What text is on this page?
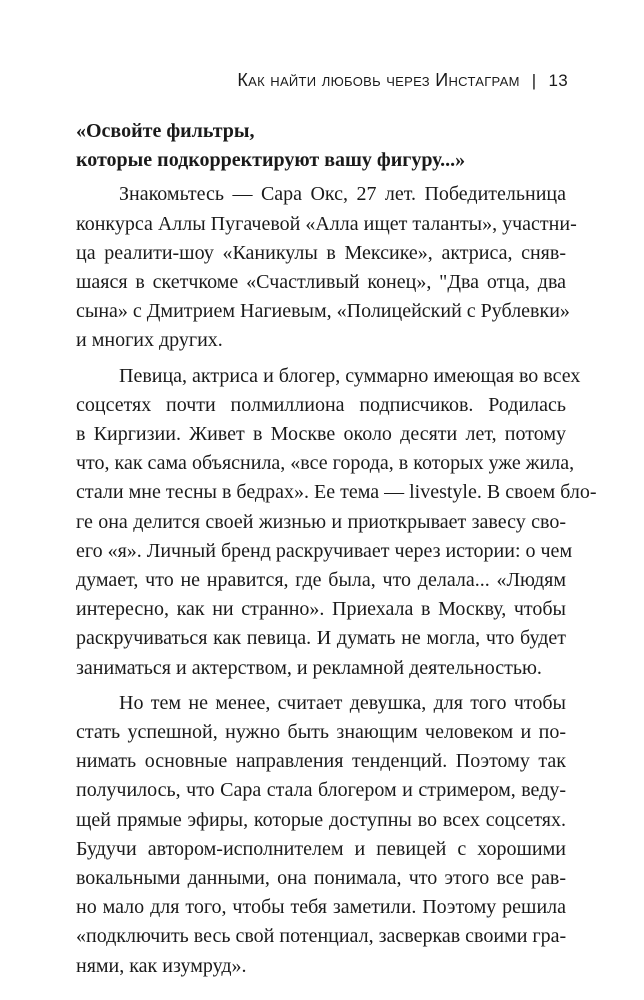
Как найти любовь через Инстаграм | 13
«Освойте фильтры,
которые подкорректируют вашу фигуру...»
Знакомьтесь — Сара Окс, 27 лет. Победительница
конкурса Аллы Пугачевой «Алла ищет таланты», участни-
ца реалити-шоу «Каникулы в Мексике», актриса, сняв-
шаяся в скетчкоме «Счастливый конец», "Два отца, два
сына» с Дмитрием Нагиевым, «Полицейский с Рублевки»
и многих других.
Певица, актриса и блогер, суммарно имеющая во всех
соцсетях почти полмиллиона подписчиков. Родилась
в Киргизии. Живет в Москве около десяти лет, потому
что, как сама объяснила, «все города, в которых уже жила,
стали мне тесны в бедрах». Ее тема — livestyle. В своем бло-
ге она делится своей жизнью и приоткрывает завесу сво-
его «я». Личный бренд раскручивает через истории: о чем
думает, что не нравится, где была, что делала... «Людям
интересно, как ни странно». Приехала в Москву, чтобы
раскручиваться как певица. И думать не могла, что будет
заниматься и актерством, и рекламной деятельностью.
Но тем не менее, считает девушка, для того чтобы
стать успешной, нужно быть знающим человеком и по-
нимать основные направления тенденций. Поэтому так
получилось, что Сара стала блогером и стримером, веду-
щей прямые эфиры, которые доступны во всех соцсетях.
Будучи автором-исполнителем и певицей с хорошими
вокальными данными, она понимала, что этого все рав-
но мало для того, чтобы тебя заметили. Поэтому решила
«подключить весь свой потенциал, засверкав своими гра-
нями, как изумруд».
